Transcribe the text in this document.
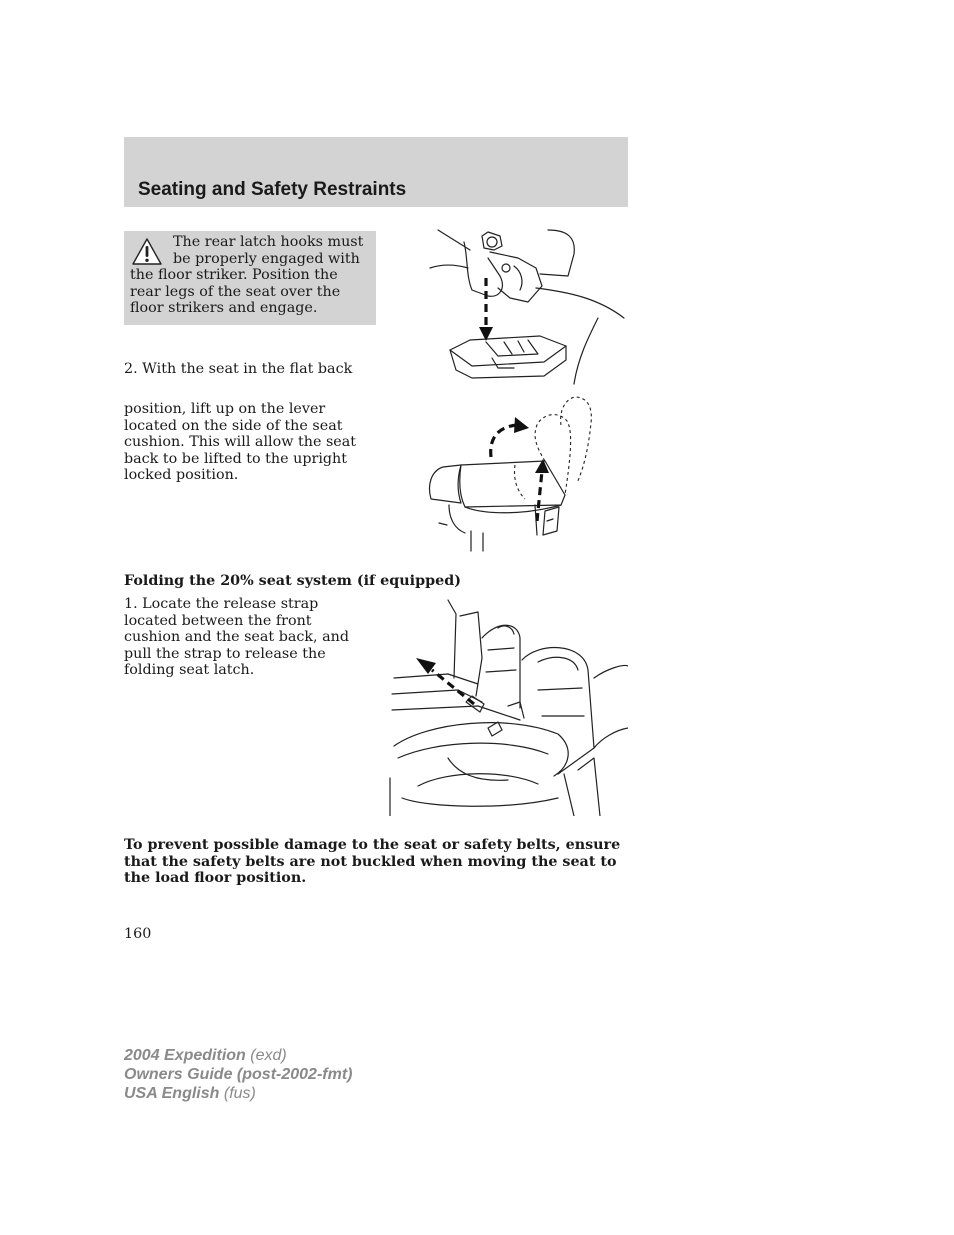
Seating and Safety Restraints

The rear latch hooks must be properly engaged with the floor striker. Position the rear legs of the seat over the floor strikers and engage.

2. With the seat in the flat back

position, lift up on the lever located on the side of the seat cushion. This will allow the seat back to be lifted to the upright locked position.

Folding the 20% seat system (if equipped)

1. Locate the release strap located between the front cushion and the seat back, and pull the strap to release the folding seat latch.

To prevent possible damage to the seat or safety belts, ensure that the safety belts are not buckled when moving the seat to the load floor position.

160

2004 Expedition (exd)
Owners Guide (post-2002-fmt)
USA English (fus)
